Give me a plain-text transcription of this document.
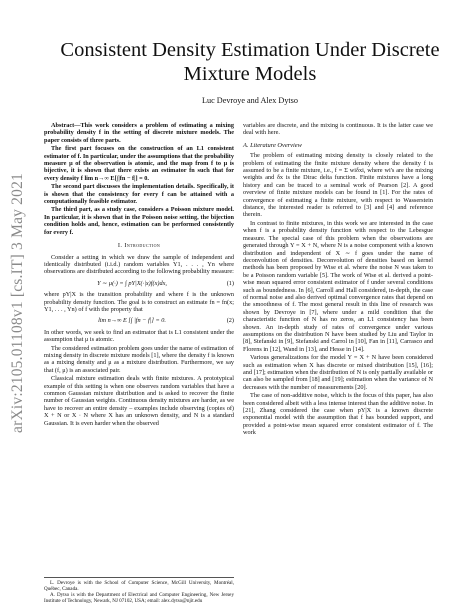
arXiv:2105.01108v1 [cs.IT] 3 May 2021
Consistent Density Estimation Under Discrete Mixture Models
Luc Devroye and Alex Dytso

Abstract—This work considers a problem of estimating a mixing probability density f in the setting of discrete mixture models. The paper consists of three parts.

The first part focuses on the construction of an L1 consistent estimator of f. In particular, under the assumptions that the probability measure μ of the observation is atomic, and the map from f to μ is bijective, it is shown that there exists an estimator fn such that for every density f lim n→∞ E[∫|fn − f|] = 0.

The second part discusses the implementation details. Specifically, it is shown that the consistency for every f can be attained with a computationally feasible estimator.

The third part, as a study case, considers a Poisson mixture model. In particular, it is shown that in the Poisson noise setting, the bijection condition holds and, hence, estimation can be performed consistently for every f.

I. Introduction

Consider a setting in which we draw the sample of independent and identically distributed (i.i.d.) random variables Y1, . . . , Yn where observations are distributed according to the following probability measure:

Y ∼ μ(·) = ∫ pY|X(·|x)f(x)dx,	(1)

where pY|X is the transition probability and where f is the unknown probability density function. The goal is to construct an estimate fn = fn(x; Y1, . . . , Yn) of f with the property that

lim n→∞ E [∫ |fn − f|] = 0.	(2)

In other words, we seek to find an estimator that is L1 consistent under the assumption that μ is atomic.

The considered estimation problem goes under the name of estimation of mixing density in discrete mixture models [1], where the density f is known as a mixing density and μ as a mixture distribution. Furthermore, we say that (f, μ) is an associated pair.

Classical mixture estimation deals with finite mixtures. A prototypical example of this setting is when one observes random variables that have a common Gaussian mixture distribution and is asked to recover the finite number of Gaussian weights. Continuous density mixtures are harder, as we have to recover an entire density – examples include observing (copies of) X + N or X · N where X has an unknown density, and N is a standard Gaussian. It is even harder when the observed

L. Devroye is with the School of Computer Science, McGill University, Montréal, Québec, Canada.

A. Dytso is with the Department of Electrical and Computer Engineering, New Jersey Institute of Technology, Newark, NJ 07102, USA; email: alex.dytso@njit.edu

variables are discrete, and the mixing is continuous. It is the latter case we deal with here.

A. Literature Overview

The problem of estimating mixing density is closely related to the problem of estimating the finite mixture density where the density f is assumed to be a finite mixture, i.e., f = Σ wiδxi, where wi's are the mixing weights and δx is the Dirac delta function. Finite mixtures have a long history and can be traced to a seminal work of Pearson [2]. A good overview of finite mixture models can be found in [1]. For the rates of convergence of estimating a finite mixture, with respect to Wasserstein distance, the interested reader is referred to [3] and [4] and reference therein.

In contrast to finite mixtures, in this work we are interested in the case when f is a probability density function with respect to the Lebesgue measure. The special case of this problem when the observations are generated through Y = X + N, where N is a noise component with a known distribution and independent of X ∼ f goes under the name of deconvolution of densities. Deconvolution of densities based on kernel methods has been proposed by Wise et al. where the noise N was taken to be a Poisson random variable [5]. The work of Wise et al. derived a point-wise mean squared error consistent estimator of f under several conditions such as boundedness. In [6], Carroll and Hall considered, in-depth, the case of normal noise and also derived optimal convergence rates that depend on the smoothness of f. The most general result in this line of research was shown by Devroye in [7], where under a mild condition that the characteristic function of N has no zeros, an L1 consistency has been shown. An in-depth study of rates of convergence under various assumptions on the distribution N have been studied by Liu and Taylor in [8], Stefanski in [9], Stefanski and Carrol in [10], Fan in [11], Carrasco and Florens in [12], Wand in [13], and Hesse in [14].

Various generalizations for the model Y = X + N have been considered such as estimation when X has discrete or mixed distribution [15], [16]; and [17]; estimation when the distribution of N is only partially available or can also be sampled from [18] and [19]; estimation when the variance of N decreases with the number of measurements [20].

The case of non-additive noise, which is the focus of this paper, has also been considered albeit with a less intense interest than the additive noise. In [21], Zhang considered the case when pY|X is a known discrete exponential model with the assumption that f has bounded support, and provided a point-wise mean squared error consistent estimator of f. The work
